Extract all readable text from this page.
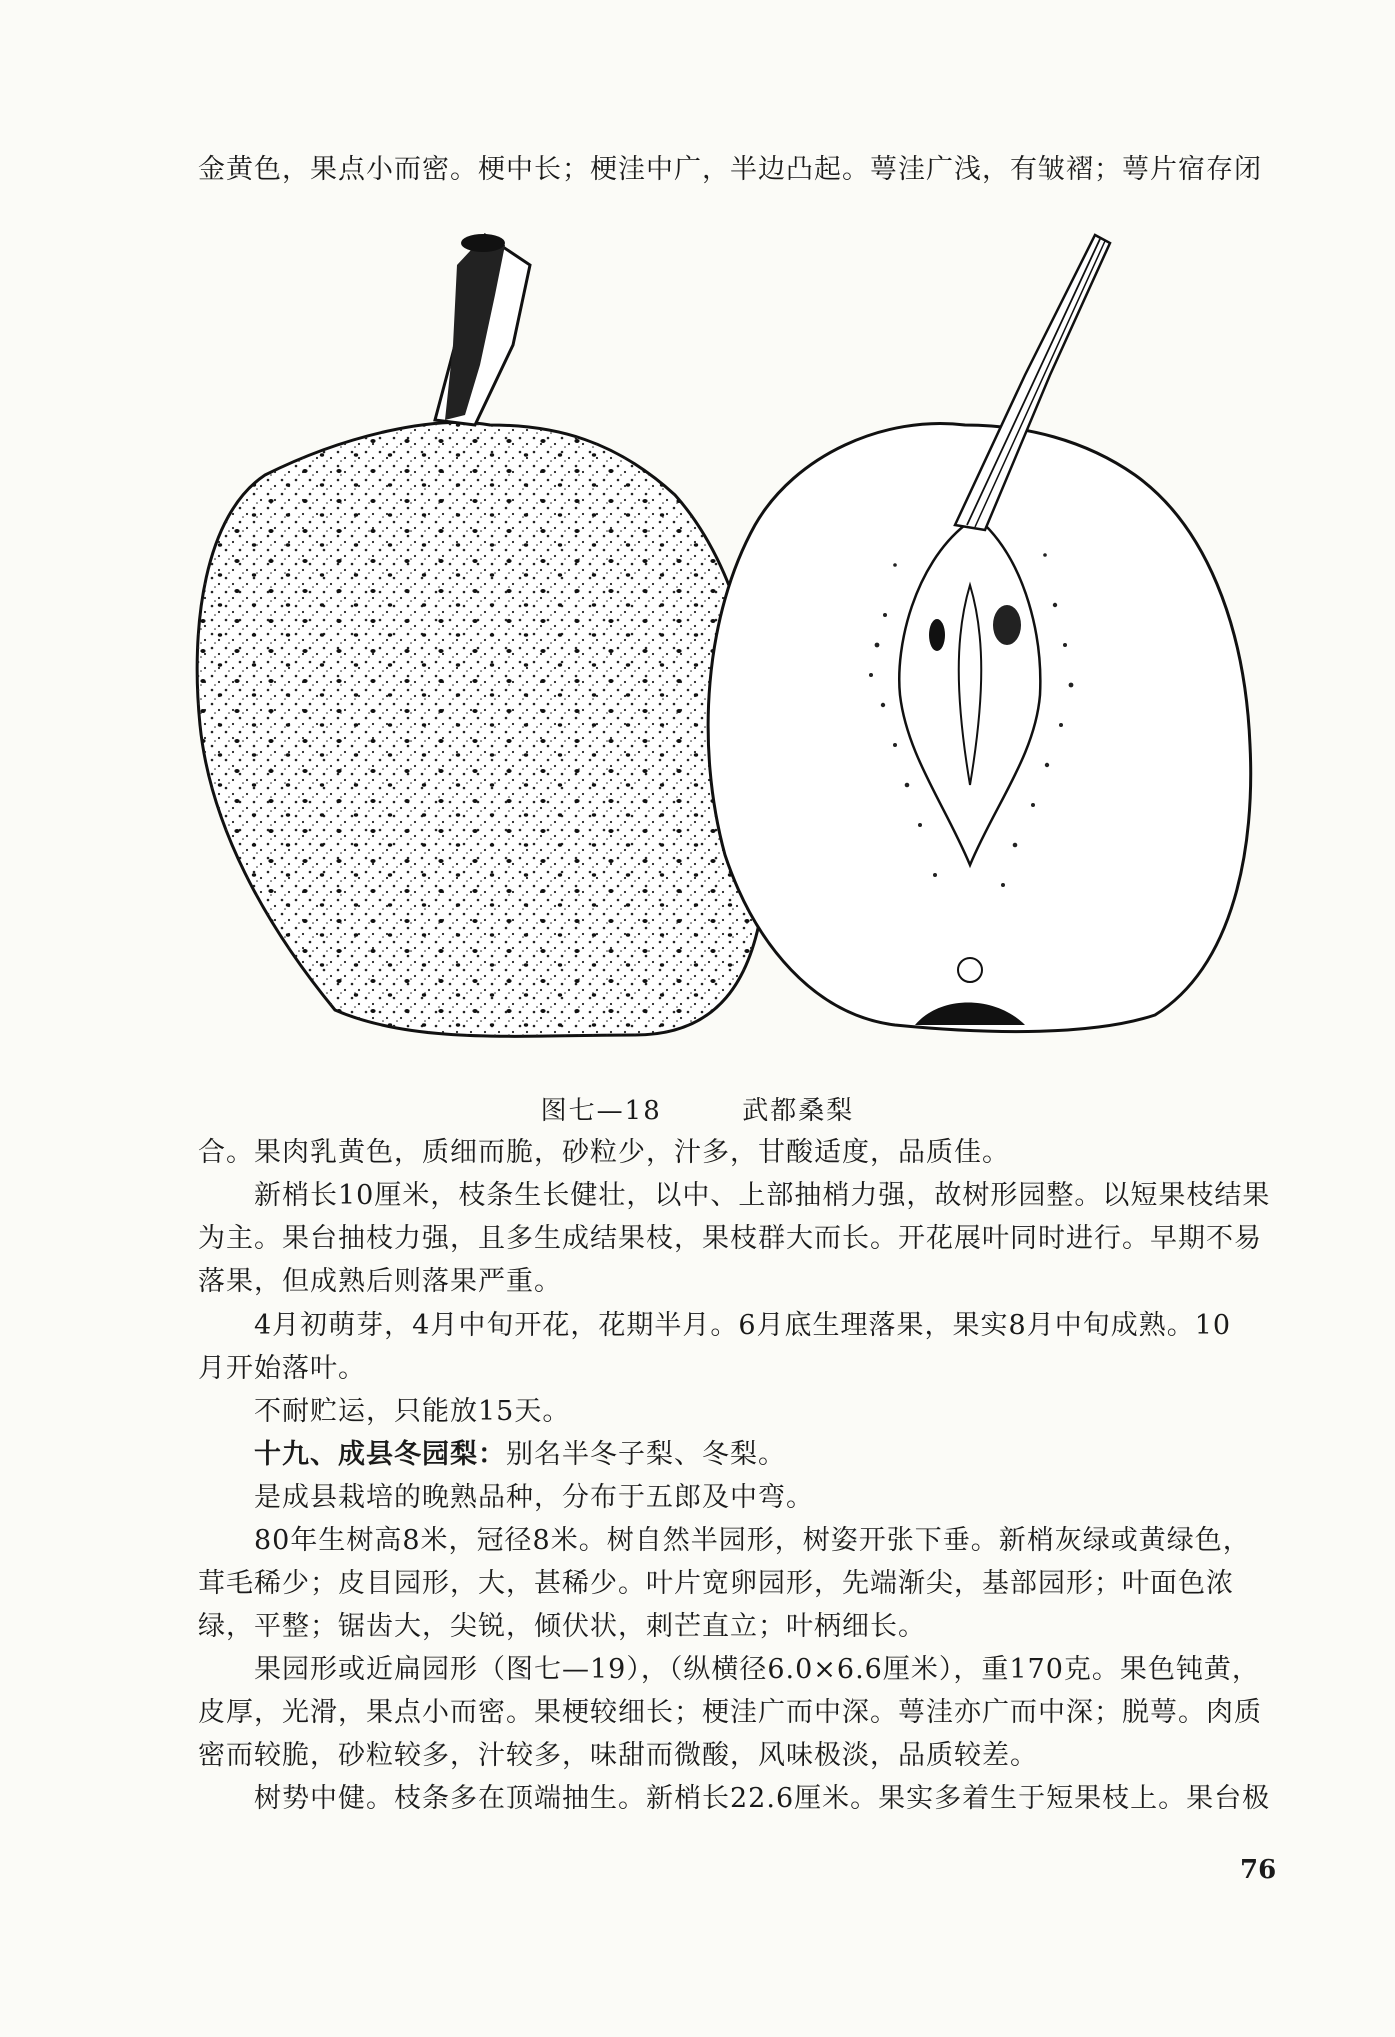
金黄色，果点小而密。梗中长；梗洼中广，半边凸起。萼洼广浅，有皱褶；萼片宿存闭
图七—18	武都桑梨
合。果肉乳黄色，质细而脆，砂粒少，汁多，甘酸适度，品质佳。
新梢长10厘米，枝条生长健壮，以中、上部抽梢力强，故树形园整。以短果枝结果
为主。果台抽枝力强，且多生成结果枝，果枝群大而长。开花展叶同时进行。早期不易
落果，但成熟后则落果严重。
4月初萌芽，4月中旬开花，花期半月。6月底生理落果，果实8月中旬成熟。10
月开始落叶。
不耐贮运，只能放15天。
十九、成县冬园梨：别名半冬子梨、冬梨。
是成县栽培的晚熟品种，分布于五郎及中弯。
80年生树高8米，冠径8米。树自然半园形，树姿开张下垂。新梢灰绿或黄绿色，
茸毛稀少；皮目园形，大，甚稀少。叶片宽卵园形，先端渐尖，基部园形；叶面色浓
绿，平整；锯齿大，尖锐，倾伏状，刺芒直立；叶柄细长。
果园形或近扁园形（图七—19），（纵横径6.0×6.6厘米），重170克。果色钝黄，
皮厚，光滑，果点小而密。果梗较细长；梗洼广而中深。萼洼亦广而中深；脱萼。肉质
密而较脆，砂粒较多，汁较多，味甜而微酸，风味极淡，品质较差。
树势中健。枝条多在顶端抽生。新梢长22.6厘米。果实多着生于短果枝上。果台极
76
